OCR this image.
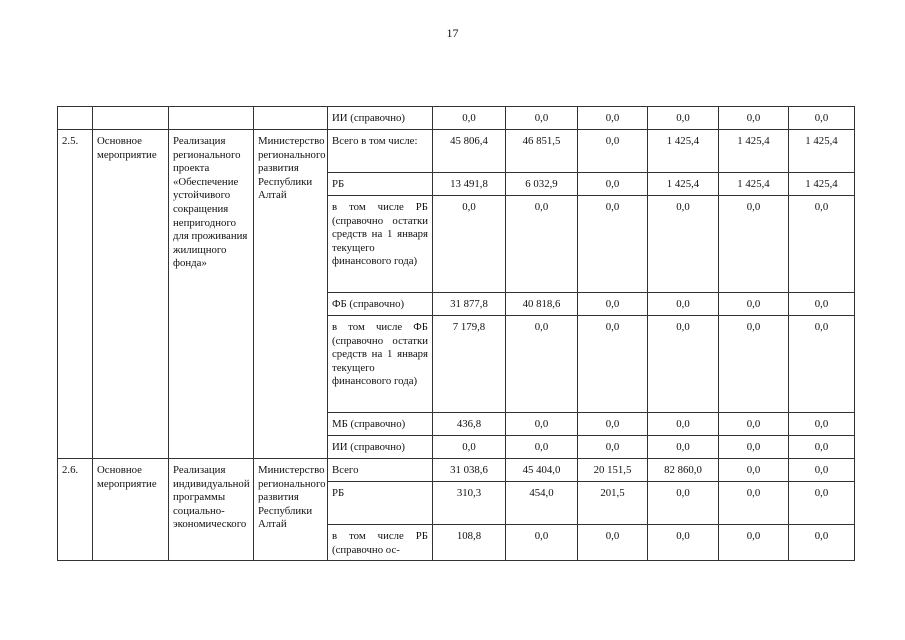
17
				ИИ (справочно)	0,0	0,0	0,0	0,0	0,0	0,0
2.5.	Основное мероприятие	Реализация регионального проекта «Обеспечение устойчивого сокращения непригодного для проживания жилищного фонда»	Министерство регионального развития Республики Алтай	Всего в том числе:	45 806,4	46 851,5	0,0	1 425,4	1 425,4	1 425,4
				РБ	13 491,8	6 032,9	0,0	1 425,4	1 425,4	1 425,4
				в том числе РБ (справочно остатки средств на 1 января текущего финансового года)	0,0	0,0	0,0	0,0	0,0	0,0
				ФБ (справочно)	31 877,8	40 818,6	0,0	0,0	0,0	0,0
				в том числе ФБ (справочно остатки средств на 1 января текущего финансового года)	7 179,8	0,0	0,0	0,0	0,0	0,0
				МБ (справочно)	436,8	0,0	0,0	0,0	0,0	0,0
				ИИ (справочно)	0,0	0,0	0,0	0,0	0,0	0,0
2.6.	Основное мероприятие	Реализация индивидуальной программы социально-экономического	Министерство регионального развития Республики Алтай	Всего	31 038,6	45 404,0	20 151,5	82 860,0	0,0	0,0
				РБ	310,3	454,0	201,5	0,0	0,0	0,0
				в том числе РБ (справочно ос-	108,8	0,0	0,0	0,0	0,0	0,0
